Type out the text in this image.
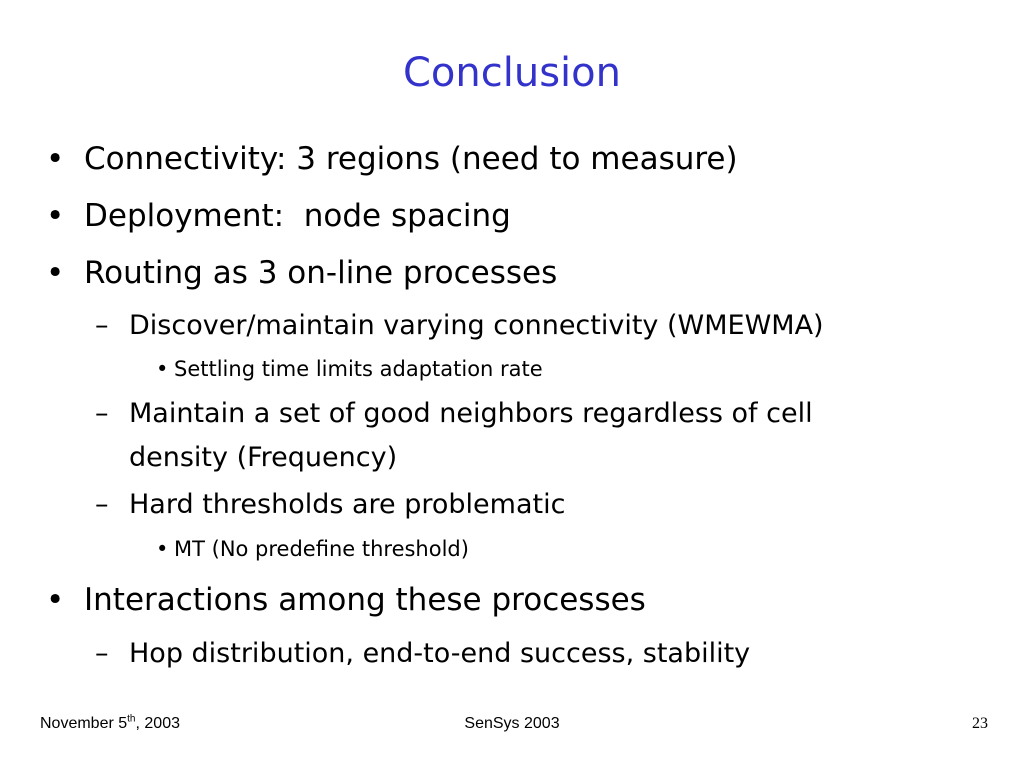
Conclusion
• Connectivity: 3 regions (need to measure)
• Deployment:  node spacing
• Routing as 3 on-line processes
– Discover/maintain varying connectivity (WMEWMA)
• Settling time limits adaptation rate
– Maintain a set of good neighbors regardless of cell
density (Frequency)
– Hard thresholds are problematic
• MT (No predefine threshold)
• Interactions among these processes
– Hop distribution, end-to-end success, stability
November 5th, 2003	SenSys 2003	23
